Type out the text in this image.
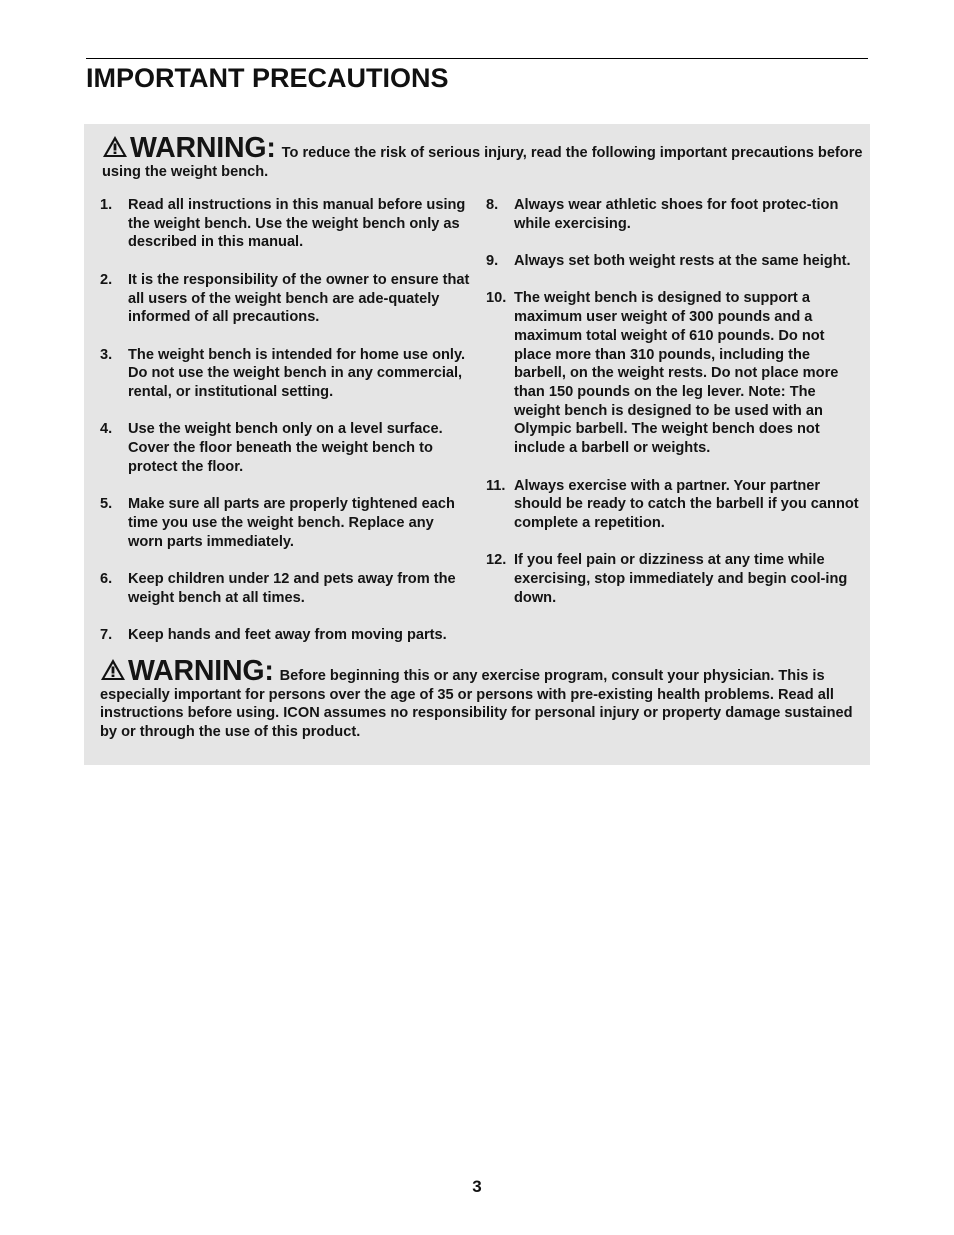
IMPORTANT PRECAUTIONS

WARNING: To reduce the risk of serious injury, read the following important precautions before using the weight bench.

1.	Read all instructions in this manual before using the weight bench. Use the weight bench only as described in this manual.
2.	It is the responsibility of the owner to ensure that all users of the weight bench are ade-quately informed of all precautions.
3.	The weight bench is intended for home use only. Do not use the weight bench in any commercial, rental, or institutional setting.
4.	Use the weight bench only on a level surface. Cover the floor beneath the weight bench to protect the floor.
5.	Make sure all parts are properly tightened each time you use the weight bench. Replace any worn parts immediately.
6.	Keep children under 12 and pets away from the weight bench at all times.
7.	Keep hands and feet away from moving parts.
8.	Always wear athletic shoes for foot protec-tion while exercising.
9.	Always set both weight rests at the same height.
10. The weight bench is designed to support a maximum user weight of 300 pounds and a maximum total weight of 610 pounds. Do not place more than 310 pounds, including the barbell, on the weight rests. Do not place more than 150 pounds on the leg lever. Note: The weight bench is designed to be used with an Olympic barbell. The weight bench does not include a barbell or weights.
11. Always exercise with a partner. Your partner should be ready to catch the barbell if you cannot complete a repetition.
12. If you feel pain or dizziness at any time while exercising, stop immediately and begin cool-ing down.

WARNING: Before beginning this or any exercise program, consult your physician. This is especially important for persons over the age of 35 or persons with pre-existing health problems. Read all instructions before using. ICON assumes no responsibility for personal injury or property damage sustained by or through the use of this product.

3
